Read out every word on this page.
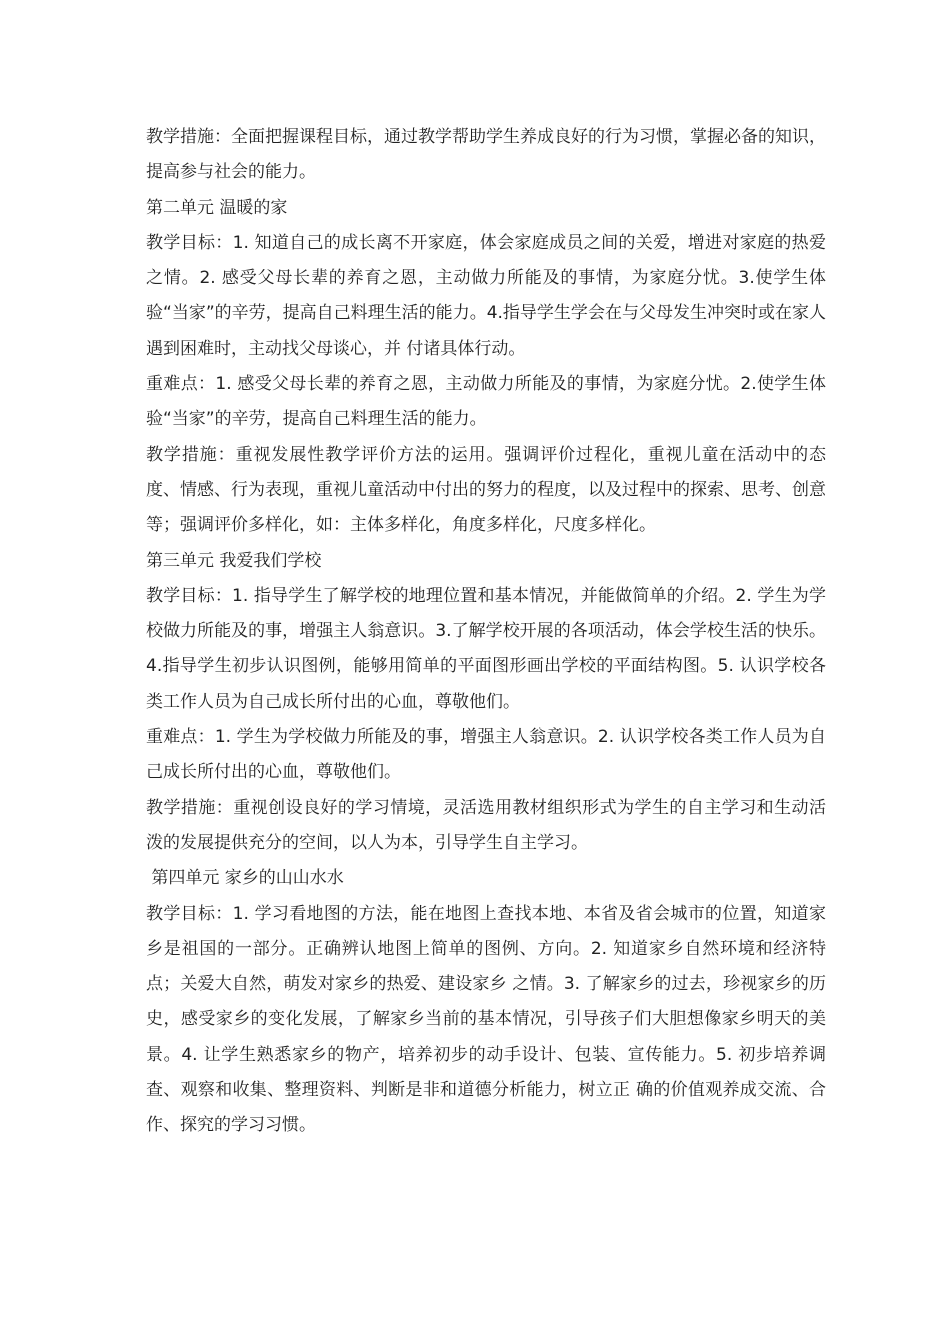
教学措施：全面把握课程目标，通过教学帮助学生养成良好的行为习惯，掌握必备的知识，提高参与社会的能力。

第二单元 温暖的家

教学目标：1. 知道自己的成长离不开家庭，体会家庭成员之间的关爱，增进对家庭的热爱之情。2. 感受父母长辈的养育之恩，主动做力所能及的事情，为家庭分忧。3.使学生体验“当家”的辛劳，提高自己料理生活的能力。4.指导学生学会在与父母发生冲突时或在家人遇到困难时，主动找父母谈心，并 付诸具体行动。

重难点：1. 感受父母长辈的养育之恩，主动做力所能及的事情，为家庭分忧。2.使学生体验“当家”的辛劳，提高自己料理生活的能力。

教学措施：重视发展性教学评价方法的运用。强调评价过程化，重视儿童在活动中的态 度、情感、行为表现，重视儿童活动中付出的努力的程度，以及过程中的探索、思考、创意等；强调评价多样化，如：主体多样化，角度多样化，尺度多样化。

第三单元 我爱我们学校

教学目标：1. 指导学生了解学校的地理位置和基本情况，并能做简单的介绍。2. 学生为学校做力所能及的事，增强主人翁意识。3.了解学校开展的各项活动，体会学校生活的快乐。4.指导学生初步认识图例，能够用简单的平面图形画出学校的平面结构图。5. 认识学校各类工作人员为自己成长所付出的心血，尊敬他们。

重难点：1. 学生为学校做力所能及的事，增强主人翁意识。2. 认识学校各类工作人员为自己成长所付出的心血，尊敬他们。

教学措施：重视创设良好的学习情境，灵活选用教材组织形式为学生的自主学习和生动活 泼的发展提供充分的空间，以人为本，引导学生自主学习。

第四单元 家乡的山山水水

教学目标：1. 学习看地图的方法，能在地图上查找本地、本省及省会城市的位置，知道家 乡是祖国的一部分。正确辨认地图上简单的图例、方向。2. 知道家乡自然环境和经济特点；关爱大自然，萌发对家乡的热爱、建设家乡 之情。3. 了解家乡的过去，珍视家乡的历史，感受家乡的变化发展，了解家乡当前的基本情况，引导孩子们大胆想像家乡明天的美景。4. 让学生熟悉家乡的物产，培养初步的动手设计、包装、宣传能力。5. 初步培养调查、观察和收集、整理资料、判断是非和道德分析能力，树立正 确的价值观养成交流、合作、探究的学习习惯。
